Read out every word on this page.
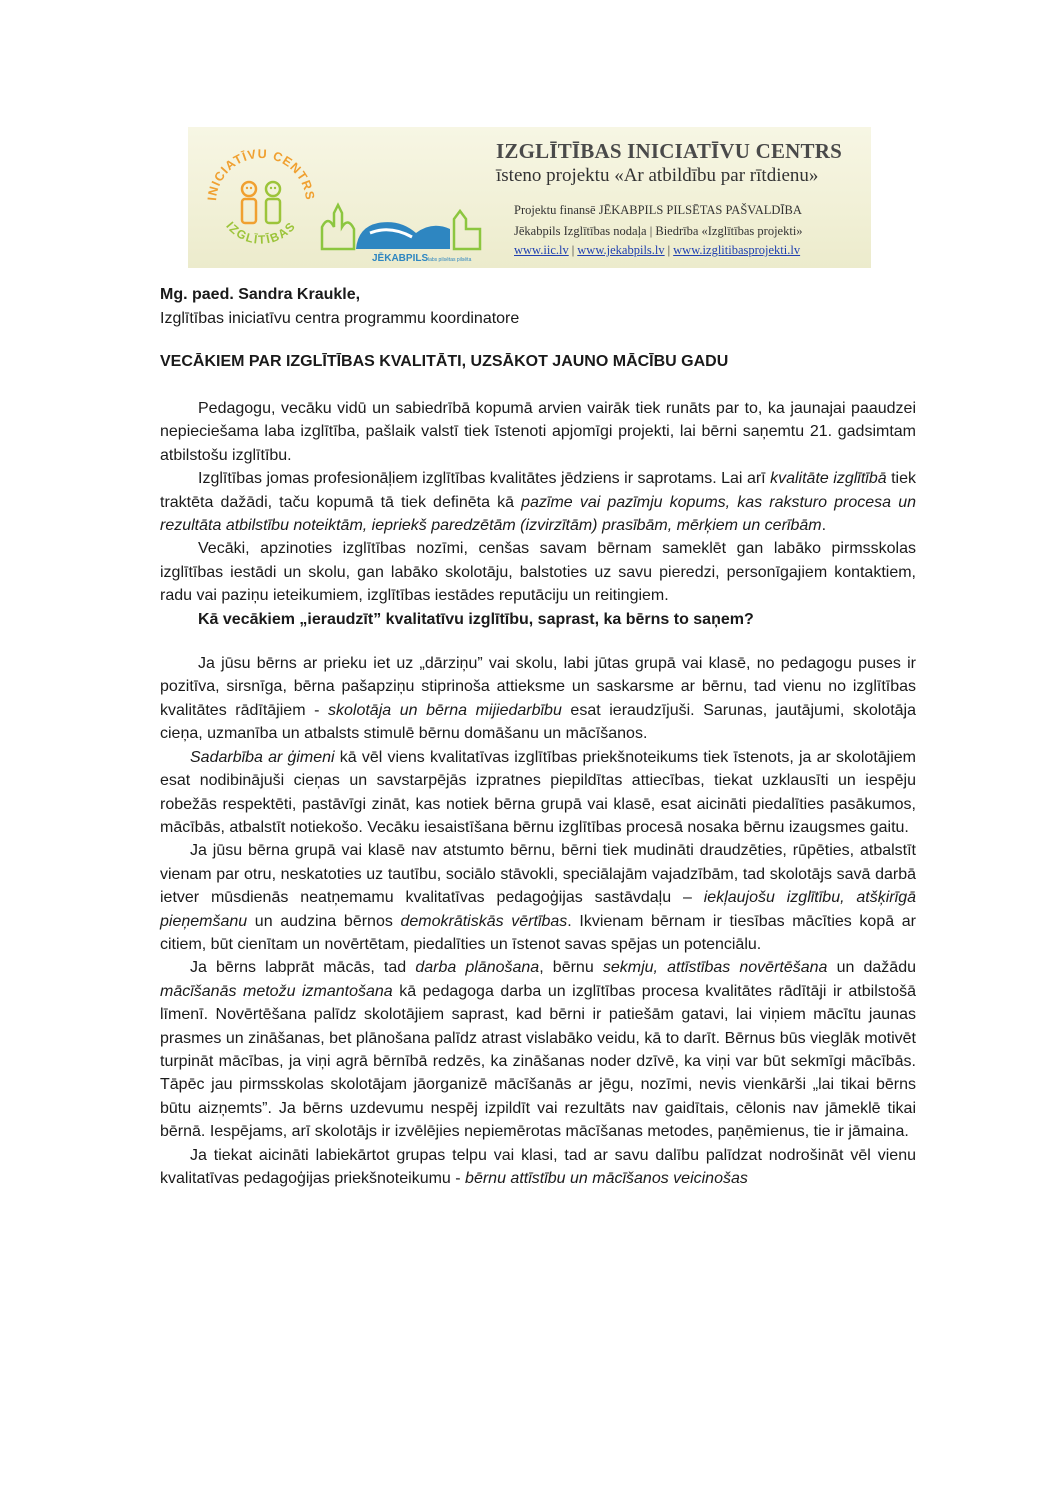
INICIATĪVU CENTRS
IZGLĪTĪBAS
JĒKABPILS labs pilsētas pilsēta
IZGLĪTĪBAS INICIATĪVU CENTRS
īsteno projektu «Ar atbildību par rītdienu»
Projektu finansē JĒKABPILS PILSĒTAS PAŠVALDĪBA
Jēkabpils Izglītības nodaļa | Biedrība «Izglītības projekti»
www.iic.lv | www.jekabpils.lv | www.izglitibasprojekti.lv
Mg. paed. Sandra Kraukle,
Izglītības iniciatīvu centra programmu koordinatore
VECĀKIEM PAR IZGLĪTĪBAS KVALITĀTI, UZSĀKOT JAUNO MĀCĪBU GADU

Pedagogu, vecāku vidū un sabiedrībā kopumā arvien vairāk tiek runāts par to, ka jaunajai paaudzei nepieciešama laba izglītība, pašlaik valstī tiek īstenoti apjomīgi projekti, lai bērni saņemtu 21. gadsimtam atbilstošu izglītību.

Izglītības jomas profesionāļiem izglītības kvalitātes jēdziens ir saprotams. Lai arī kvalitāte izglītībā tiek traktēta dažādi, taču kopumā tā tiek definēta kā pazīme vai pazīmju kopums, kas raksturo procesa un rezultāta atbilstību noteiktām, iepriekš paredzētām (izvirzītām) prasībām, mērķiem un cerībām.

Vecāki, apzinoties izglītības nozīmi, cenšas savam bērnam sameklēt gan labāko pirmsskolas izglītības iestādi un skolu, gan labāko skolotāju, balstoties uz savu pieredzi, personīgajiem kontaktiem, radu vai paziņu ieteikumiem, izglītības iestādes reputāciju un reitingiem.

Kā vecākiem „ieraudzīt” kvalitatīvu izglītību, saprast, ka bērns to saņem?

Ja jūsu bērns ar prieku iet uz „dārziņu” vai skolu, labi jūtas grupā vai klasē, no pedagogu puses ir pozitīva, sirsnīga, bērna pašapziņu stiprinoša attieksme un saskarsme ar bērnu, tad vienu no izglītības kvalitātes rādītājiem - skolotāja un bērna mijiedarbību esat ieraudzījuši. Sarunas, jautājumi, skolotāja cieņa, uzmanība un atbalsts stimulē bērnu domāšanu un mācīšanos.

Sadarbība ar ģimeni kā vēl viens kvalitatīvas izglītības priekšnoteikums tiek īstenots, ja ar skolotājiem esat nodibinājuši cieņas un savstarpējās izpratnes piepildītas attiecības, tiekat uzklausīti un iespēju robežās respektēti, pastāvīgi zināt, kas notiek bērna grupā vai klasē, esat aicināti piedalīties pasākumos, mācībās, atbalstīt notiekošo. Vecāku iesaistīšana bērnu izglītības procesā nosaka bērnu izaugsmes gaitu.

Ja jūsu bērna grupā vai klasē nav atstumto bērnu, bērni tiek mudināti draudzēties, rūpēties, atbalstīt vienam par otru, neskatoties uz tautību, sociālo stāvokli, speciālajām vajadzībām, tad skolotājs savā darbā ietver mūsdienās neatņemamu kvalitatīvas pedagoģijas sastāvdaļu – iekļaujošu izglītību, atšķirīgā pieņemšanu un audzina bērnos demokrātiskās vērtības. Ikvienam bērnam ir tiesības mācīties kopā ar citiem, būt cienītam un novērtētam, piedalīties un īstenot savas spējas un potenciālu.

Ja bērns labprāt mācās, tad darba plānošana, bērnu sekmju, attīstības novērtēšana un dažādu mācīšanās metožu izmantošana kā pedagoga darba un izglītības procesa kvalitātes rādītāji ir atbilstošā līmenī. Novērtēšana palīdz skolotājiem saprast, kad bērni ir patiešām gatavi, lai viņiem mācītu jaunas prasmes un zināšanas, bet plānošana palīdz atrast vislabāko veidu, kā to darīt. Bērnus būs vieglāk motivēt turpināt mācības, ja viņi agrā bērnībā redzēs, ka zināšanas noder dzīvē, ka viņi var būt sekmīgi mācībās. Tāpēc jau pirmsskolas skolotājam jāorganizē mācīšanās ar jēgu, nozīmi, nevis vienkārši „lai tikai bērns būtu aizņemts”. Ja bērns uzdevumu nespēj izpildīt vai rezultāts nav gaidītais, cēlonis nav jāmeklē tikai bērnā. Iespējams, arī skolotājs ir izvēlējies nepiemērotas mācīšanas metodes, paņēmienus, tie ir jāmaina.

Ja tiekat aicināti labiekārtot grupas telpu vai klasi, tad ar savu dalību palīdzat nodrošināt vēl vienu kvalitatīvas pedagoģijas priekšnoteikumu - bērnu attīstību un mācīšanos veicinošas
